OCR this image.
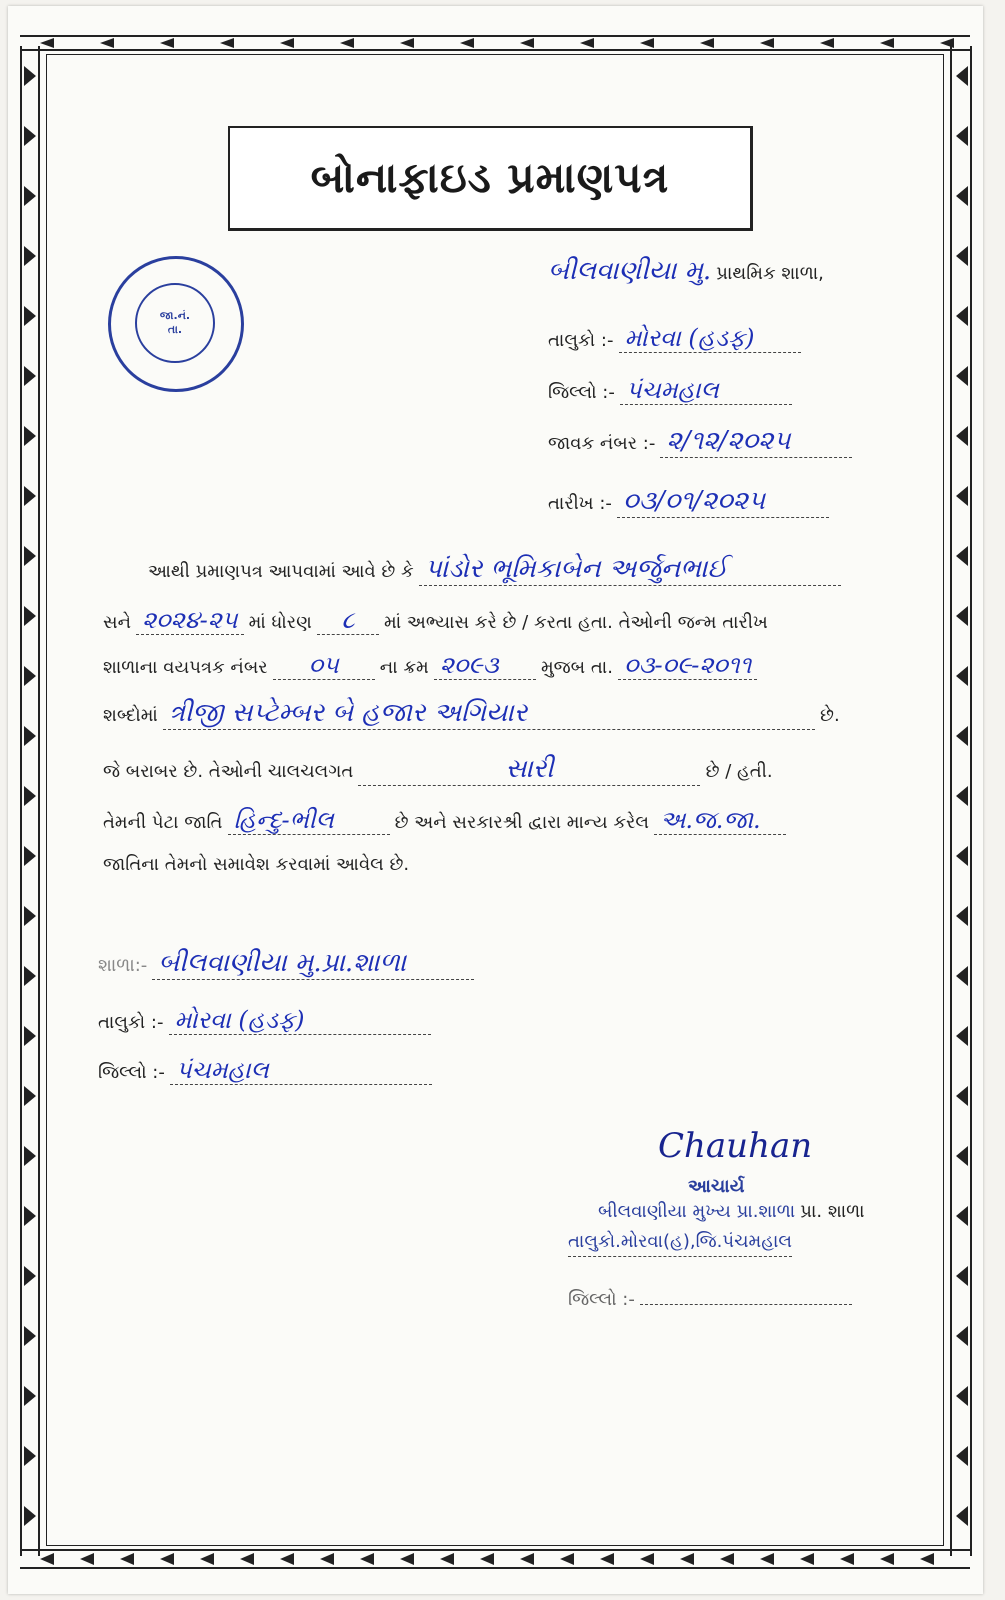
બોનાફાઇડ પ્રમાણપત્ર
જા.નં.
તા.
બીલવાણીયા મુ. પ્રાથમિક શાળા,
તાલુકો :- મોરવા (હડફ)
જિલ્લો :- પંચમહાલ
જાવક નંબર :- ૨/૧૨/૨૦૨૫
તારીખ :- ૦૩/૦૧/૨૦૨૫
આથી પ્રમાણપત્ર આપવામાં આવે છે કે પાંડોર ભૂમિકાબેન અર્જુનભાઈ
સને ૨૦૨૪-૨૫ માં ધોરણ ૮ માં અભ્યાસ કરે છે / કરતા હતા. તેઓની જન્મ તારીખ
શાળાના વયપત્રક નંબર ૦૫ ના ક્રમ ૨૦૯૩ મુજબ તા. ૦૩-૦૯-૨૦૧૧
શબ્દોમાં ત્રીજી સપ્ટેમ્બર બે હજાર અગિયાર	છે.
જે બરાબર છે. તેઓની ચાલચલગત	સારી	છે / હતી.
તેમની પેટા જાતિ હિન્દુ-ભીલ	છે અને સરકારશ્રી દ્વારા માન્ય કરેલ અ.જ.જા.
જાતિના તેમનો સમાવેશ કરવામાં આવેલ છે.
શાળા:- બીલવાણીયા મુ.પ્રા.શાળા
તાલુકો :- મોરવા (હડફ)
જિલ્લો :- પંચમહાલ
Chauhan
આચાર્ય
બીલવાણીયા મુખ્ય પ્રા.શાળા પ્રા. શાળા
તાલુકો.મોરવા(હ),જિ.પંચમહાલ
જિલ્લો :-
